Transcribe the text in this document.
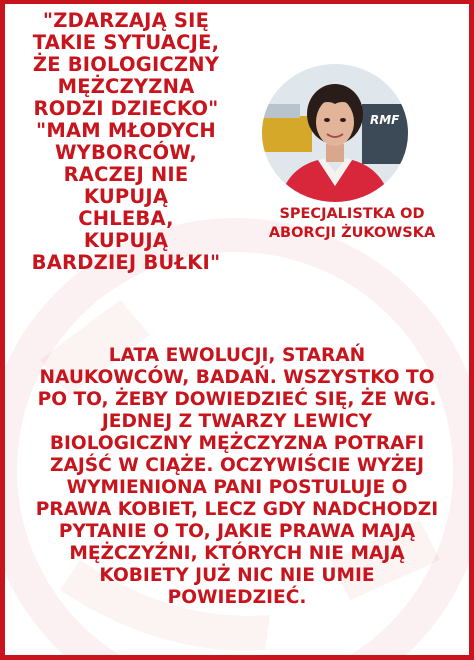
"ZDARZAJĄ SIĘ
TAKIE SYTUACJE,
ŻE BIOLOGICZNY
MĘŻCZYZNA
RODZI DZIECKO"
"MAM MŁODYCH
WYBORCÓW,
RACZEJ NIE
KUPUJĄ
CHLEBA,
KUPUJĄ
BARDZIEJ BUŁKI"
RMF
SPECJALISTKA OD
ABORCJI ŻUKOWSKA
LATA EWOLUCJI, STARAŃ
NAUKOWCÓW, BADAŃ. WSZYSTKO TO
PO TO, ŻEBY DOWIEDZIEĆ SIĘ, ŻE WG.
JEDNEJ Z TWARZY LEWICY
BIOLOGICZNY MĘŻCZYZNA POTRAFI
ZAJŚĆ W CIĄŻE. OCZYWIŚCIE WYŻEJ
WYMIENIONA PANI POSTULUJE O
PRAWA KOBIET, LECZ GDY NADCHODZI
PYTANIE O TO, JAKIE PRAWA MAJĄ
MĘŻCZYŹNI, KTÓRYCH NIE MAJĄ
KOBIETY JUŻ NIC NIE UMIE
POWIEDZIEĆ.
